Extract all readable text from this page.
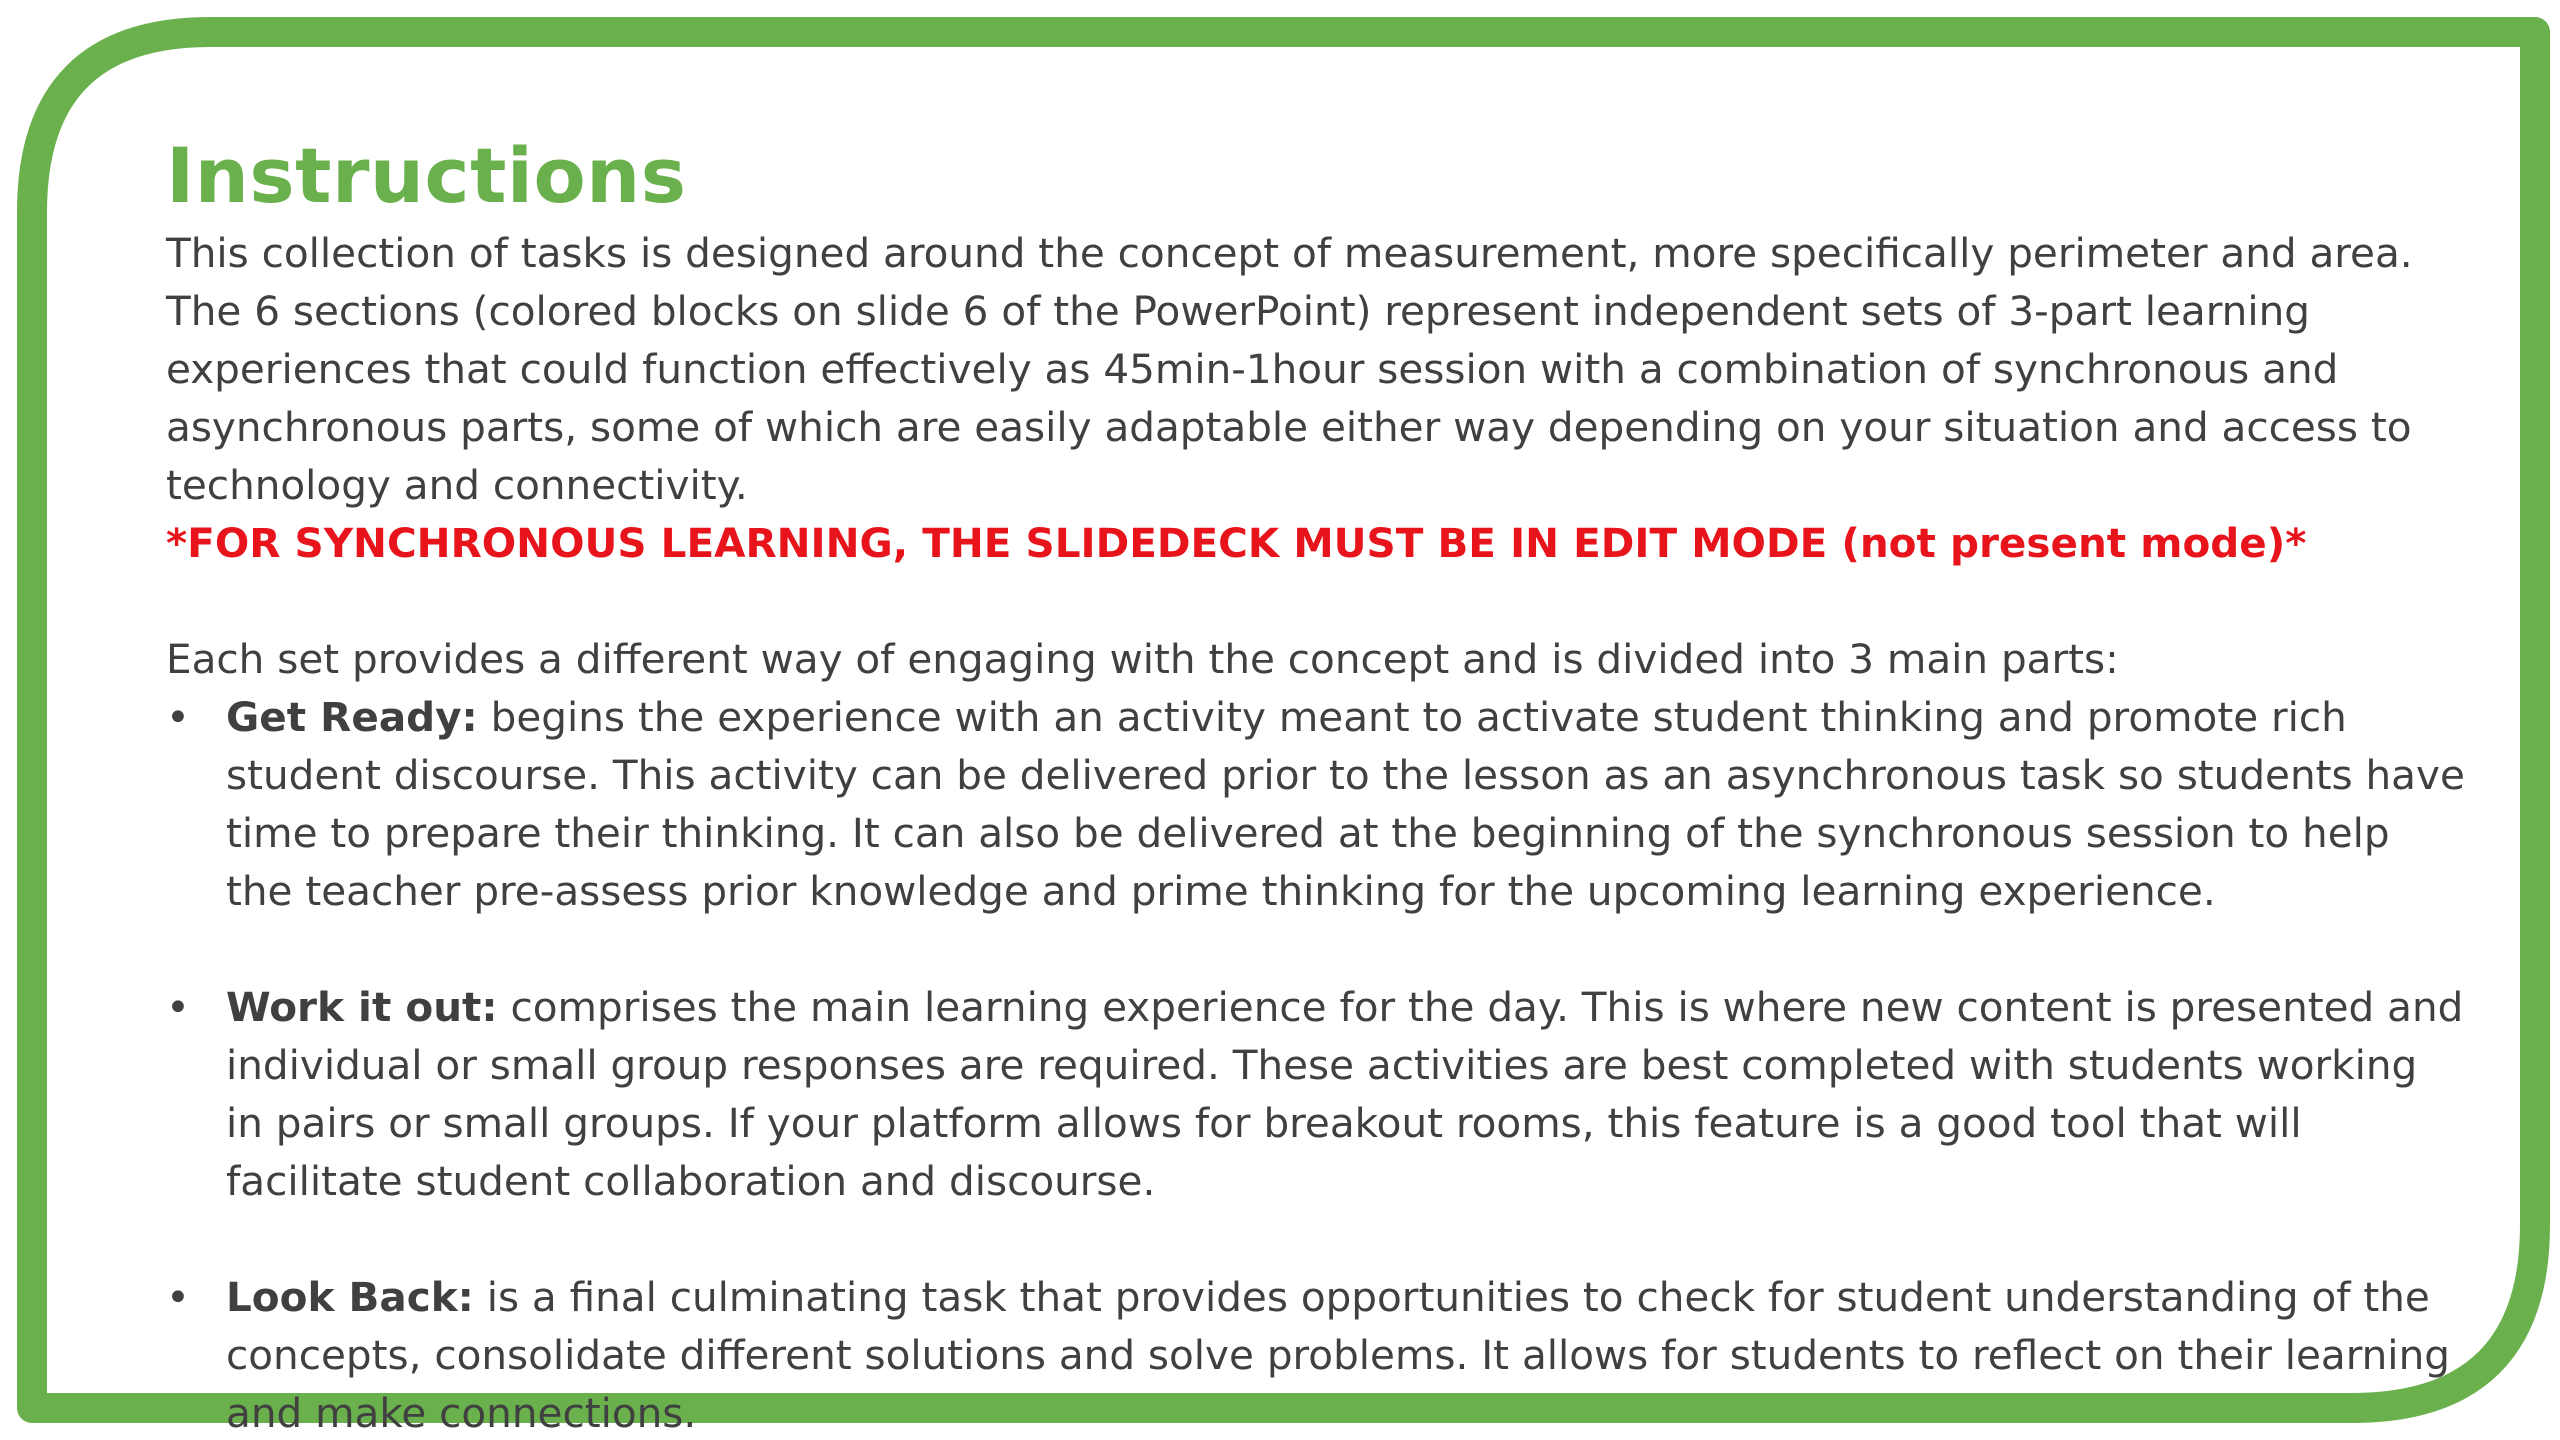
Instructions

This collection of tasks is designed around the concept of measurement, more specifically perimeter and area. The 6 sections (colored blocks on slide 6 of the PowerPoint) represent independent sets of 3-part learning experiences that could function effectively as 45min-1hour session with a combination of synchronous and asynchronous parts, some of which are easily adaptable either way depending on your situation and access to technology and connectivity.

*FOR SYNCHRONOUS LEARNING, THE SLIDEDECK MUST BE IN EDIT MODE (not present mode)*

Each set provides a different way of engaging with the concept and is divided into 3 main parts:

• Get Ready: begins the experience with an activity meant to activate student thinking and promote rich student discourse. This activity can be delivered prior to the lesson as an asynchronous task so students have time to prepare their thinking. It can also be delivered at the beginning of the synchronous session to help the teacher pre-assess prior knowledge and prime thinking for the upcoming learning experience.
• Work it out: comprises the main learning experience for the day. This is where new content is presented and individual or small group responses are required. These activities are best completed with students working in pairs or small groups. If your platform allows for breakout rooms, this feature is a good tool that will facilitate student collaboration and discourse.
• Look Back: is a final culminating task that provides opportunities to check for student understanding of the concepts, consolidate different solutions and solve problems. It allows for students to reflect on their learning and make connections.
